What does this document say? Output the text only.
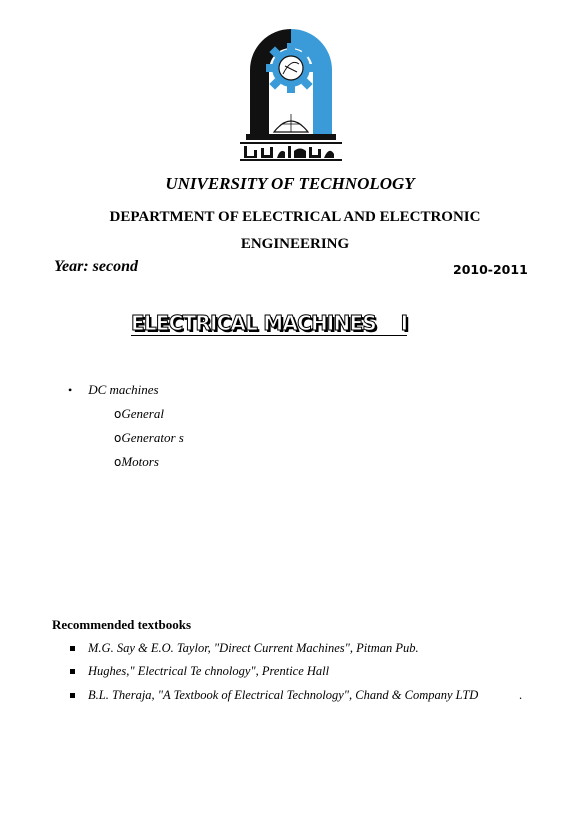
UNIVERSITY OF TECHNOLOGY
DEPARTMENT OF ELECTRICAL AND ELECTRONIC
ENGINEERING
Year: second	2010-2011
ELECTRICAL MACHINES I
• DC machines
oGeneral
oGenerator s
oMotors
Recommended textbooks
M.G. Say & E.O. Taylor, "Direct Current Machines", Pitman Pub.
Hughes," Electrical Te chnology", Prentice Hall
B.L. Theraja, "A Textbook of Electrical Technology", Chand & Company LTD	.
